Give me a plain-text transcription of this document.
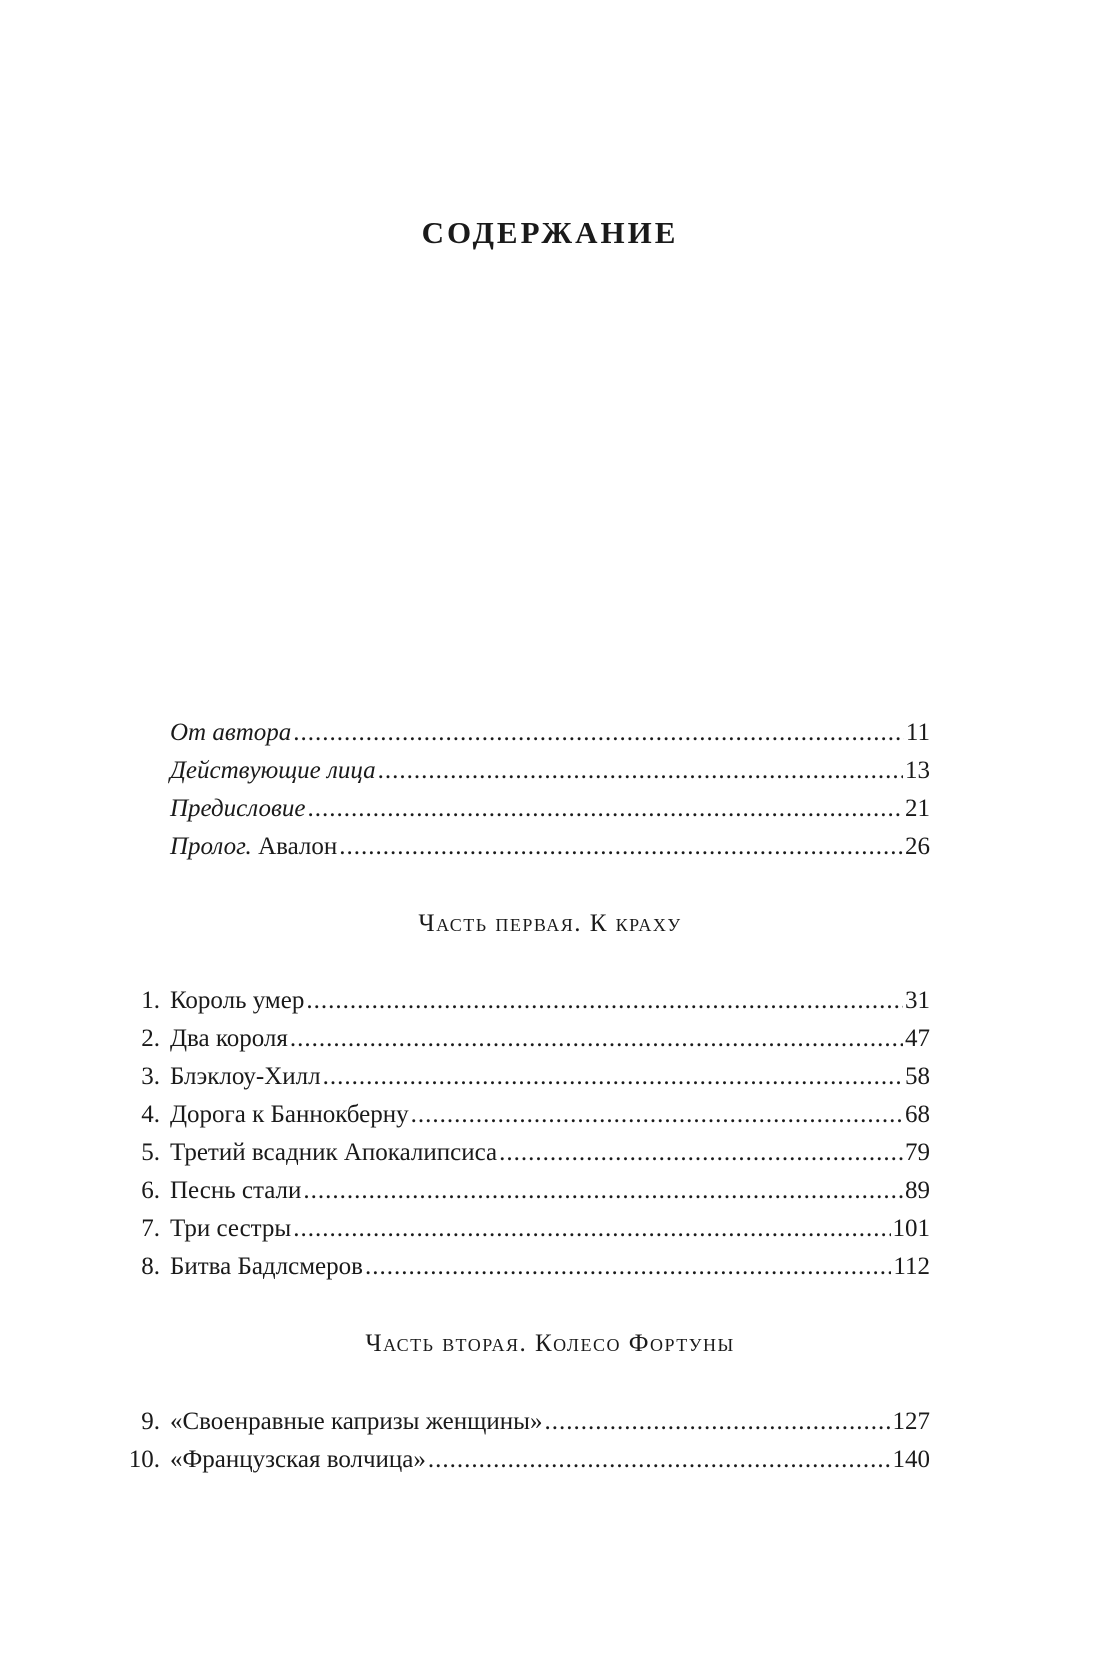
СОДЕРЖАНИЕ
От автора .....	11
Действующие лица .....	13
Предисловие .....	21
Пролог. Авалон .....	26
Часть первая. К краху
1. Король умер .....	31
2. Два короля .....	47
3. Блэклоу-Хилл .....	58
4. Дорога к Баннокберну .....	68
5. Третий всадник Апокалипсиса .....	79
6. Песнь стали .....	89
7. Три сестры .....	101
8. Битва Бадлсмеров .....	112
Часть вторая. Колесо Фортуны
9. «Своенравные капризы женщины» .....	127
10. «Французская волчица» .....	140
